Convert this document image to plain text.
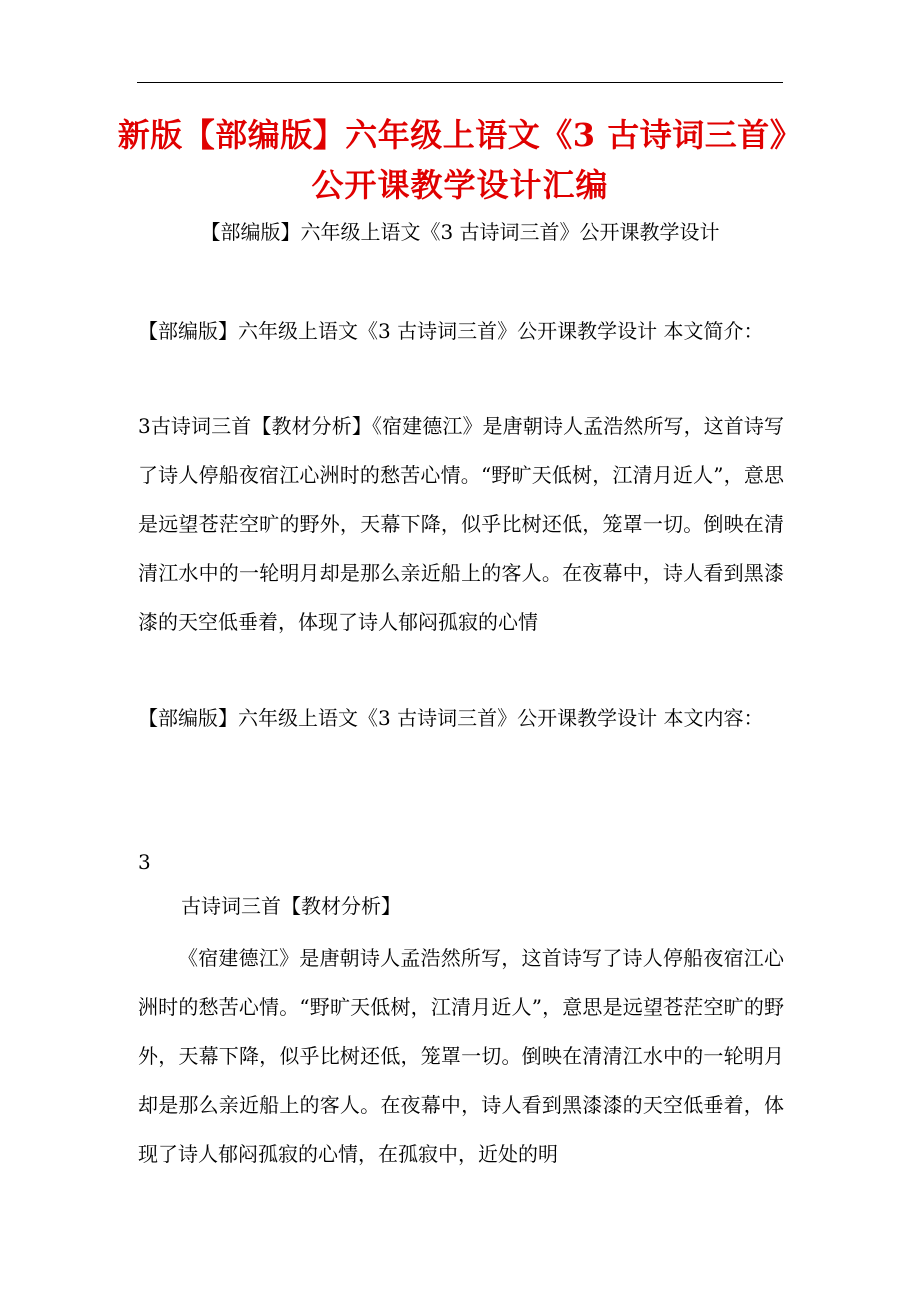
新版【部编版】六年级上语文《3 古诗词三首》
公开课教学设计汇编

【部编版】六年级上语文《3 古诗词三首》公开课教学设计

【部编版】六年级上语文《3 古诗词三首》公开课教学设计 本文简介：

3古诗词三首【教材分析】《宿建德江》是唐朝诗人孟浩然所写，这首诗写了诗人停船夜宿江心洲时的愁苦心情。“野旷天低树，江清月近人”，意思是远望苍茫空旷的野外，天幕下降，似乎比树还低，笼罩一切。倒映在清清江水中的一轮明月却是那么亲近船上的客人。在夜幕中，诗人看到黑漆漆的天空低垂着，体现了诗人郁闷孤寂的心情

【部编版】六年级上语文《3 古诗词三首》公开课教学设计 本文内容：

3

古诗词三首【教材分析】

《宿建德江》是唐朝诗人孟浩然所写，这首诗写了诗人停船夜宿江心洲时的愁苦心情。“野旷天低树，江清月近人”，意思是远望苍茫空旷的野外，天幕下降，似乎比树还低，笼罩一切。倒映在清清江水中的一轮明月却是那么亲近船上的客人。在夜幕中，诗人看到黑漆漆的天空低垂着，体现了诗人郁闷孤寂的心情，在孤寂中，近处的明
